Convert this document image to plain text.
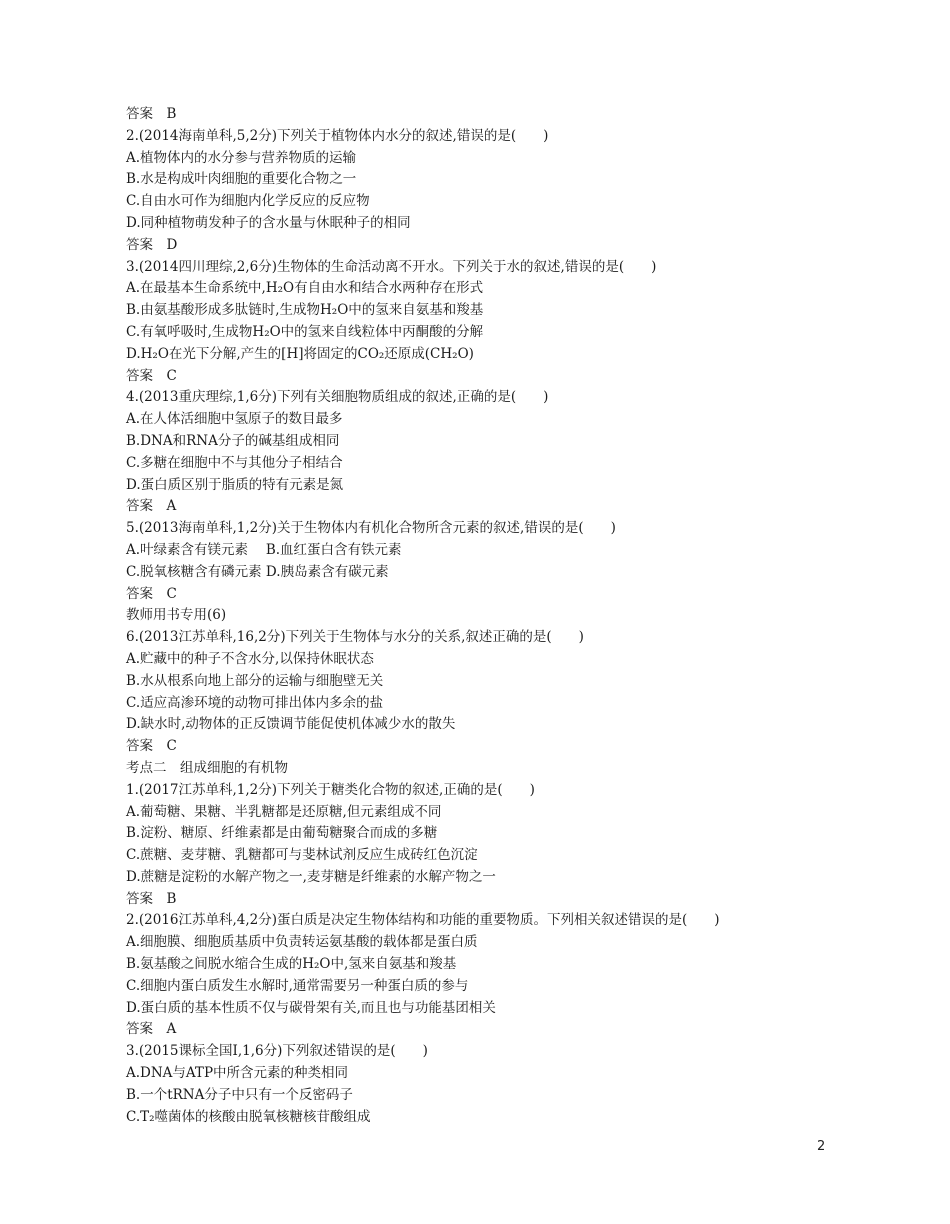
答案　B
2.(2014海南单科,5,2分)下列关于植物体内水分的叙述,错误的是(　　)
A.植物体内的水分参与营养物质的运输
B.水是构成叶肉细胞的重要化合物之一
C.自由水可作为细胞内化学反应的反应物
D.同种植物萌发种子的含水量与休眠种子的相同
答案　D
3.(2014四川理综,2,6分)生物体的生命活动离不开水。下列关于水的叙述,错误的是(　　)
A.在最基本生命系统中,H₂O有自由水和结合水两种存在形式
B.由氨基酸形成多肽链时,生成物H₂O中的氢来自氨基和羧基
C.有氧呼吸时,生成物H₂O中的氢来自线粒体中丙酮酸的分解
D.H₂O在光下分解,产生的[H]将固定的CO₂还原成(CH₂O)
答案　C
4.(2013重庆理综,1,6分)下列有关细胞物质组成的叙述,正确的是(　　)
A.在人体活细胞中氢原子的数目最多
B.DNA和RNA分子的碱基组成相同
C.多糖在细胞中不与其他分子相结合
D.蛋白质区别于脂质的特有元素是氮
答案　A
5.(2013海南单科,1,2分)关于生物体内有机化合物所含元素的叙述,错误的是(　　)
A.叶绿素含有镁元素　 B.血红蛋白含有铁元素
C.脱氧核糖含有磷元素 D.胰岛素含有碳元素
答案　C
教师用书专用(6)
6.(2013江苏单科,16,2分)下列关于生物体与水分的关系,叙述正确的是(　　)
A.贮藏中的种子不含水分,以保持休眠状态
B.水从根系向地上部分的运输与细胞壁无关
C.适应高渗环境的动物可排出体内多余的盐
D.缺水时,动物体的正反馈调节能促使机体减少水的散失
答案　C
考点二　组成细胞的有机物
1.(2017江苏单科,1,2分)下列关于糖类化合物的叙述,正确的是(　　)
A.葡萄糖、果糖、半乳糖都是还原糖,但元素组成不同
B.淀粉、糖原、纤维素都是由葡萄糖聚合而成的多糖
C.蔗糖、麦芽糖、乳糖都可与斐林试剂反应生成砖红色沉淀
D.蔗糖是淀粉的水解产物之一,麦芽糖是纤维素的水解产物之一
答案　B
2.(2016江苏单科,4,2分)蛋白质是决定生物体结构和功能的重要物质。下列相关叙述错误的是(　　)
A.细胞膜、细胞质基质中负责转运氨基酸的载体都是蛋白质
B.氨基酸之间脱水缩合生成的H₂O中,氢来自氨基和羧基
C.细胞内蛋白质发生水解时,通常需要另一种蛋白质的参与
D.蛋白质的基本性质不仅与碳骨架有关,而且也与功能基团相关
答案　A
3.(2015课标全国Ⅰ,1,6分)下列叙述错误的是(　　)
A.DNA与ATP中所含元素的种类相同
B.一个tRNA分子中只有一个反密码子
C.T₂噬菌体的核酸由脱氧核糖核苷酸组成
2
